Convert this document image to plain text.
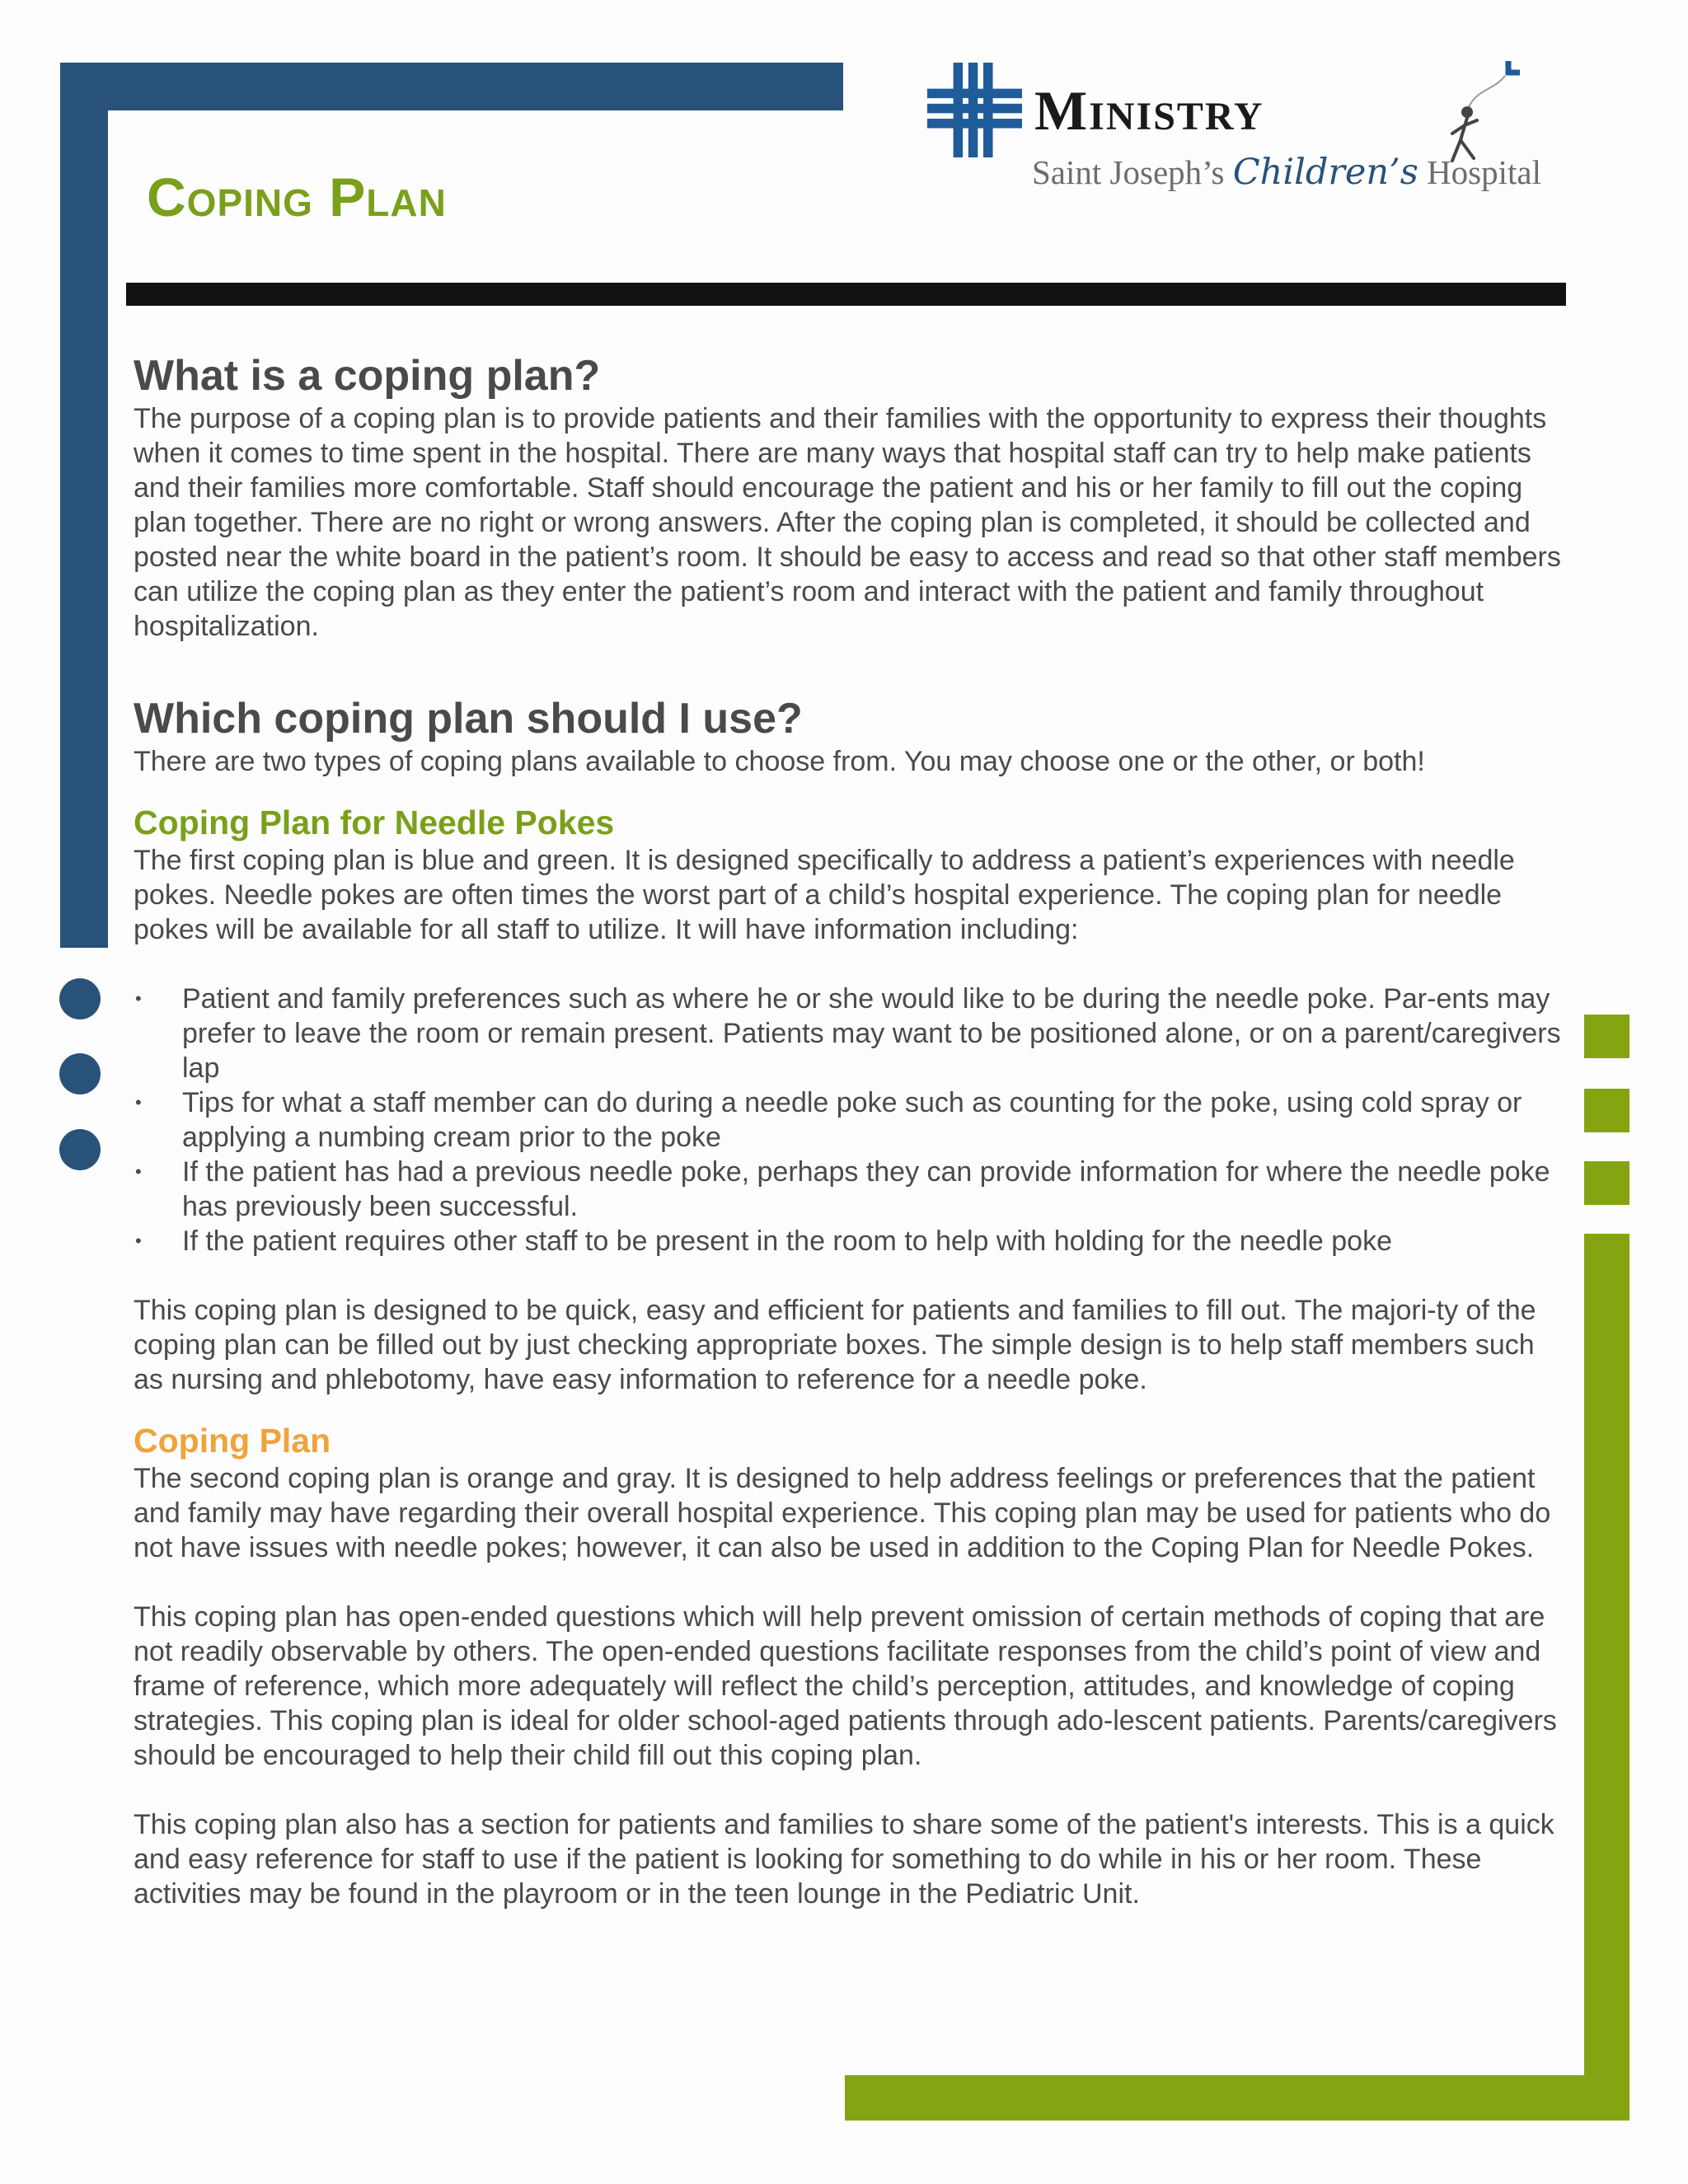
Coping Plan
Ministry
Saint Joseph’s Children’s Hospital
What is a coping plan?

The purpose of a coping plan is to provide patients and their families with the opportunity to express their thoughts when it comes to time spent in the hospital. There are many ways that hospital staff can try to help make patients and their families more comfortable. Staff should encourage the patient and his or her family to fill out the coping plan together. There are no right or wrong answers. After the coping plan is completed, it should be collected and posted near the white board in the patient’s room. It should be easy to access and read so that other staff members can utilize the coping plan as they enter the patient’s room and interact with the patient and family throughout hospitalization.

Which coping plan should I use?

There are two types of coping plans available to choose from. You may choose one or the other, or both!

Coping Plan for Needle Pokes

The first coping plan is blue and green. It is designed specifically to address a patient’s experiences with needle pokes. Needle pokes are often times the worst part of a child’s hospital experience. The coping plan for needle pokes will be available for all staff to utilize. It will have information including:

• Patient and family preferences such as where he or she would like to be during the needle poke. Par-ents may prefer to leave the room or remain present. Patients may want to be positioned alone, or on a parent/caregivers lap
• Tips for what a staff member can do during a needle poke such as counting for the poke, using cold spray or applying a numbing cream prior to the poke
• If the patient has had a previous needle poke, perhaps they can provide information for where the needle poke has previously been successful.
• If the patient requires other staff to be present in the room to help with holding for the needle poke

This coping plan is designed to be quick, easy and efficient for patients and families to fill out. The majori-ty of the coping plan can be filled out by just checking appropriate boxes. The simple design is to help staff members such as nursing and phlebotomy, have easy information to reference for a needle poke.

Coping Plan

The second coping plan is orange and gray. It is designed to help address feelings or preferences that the patient and family may have regarding their overall hospital experience. This coping plan may be used for patients who do not have issues with needle pokes; however, it can also be used in addition to the Coping Plan for Needle Pokes.

This coping plan has open-ended questions which will help prevent omission of certain methods of coping that are not readily observable by others. The open-ended questions facilitate responses from the child’s point of view and frame of reference, which more adequately will reflect the child’s perception, attitudes, and knowledge of coping strategies. This coping plan is ideal for older school-aged patients through ado-lescent patients. Parents/caregivers should be encouraged to help their child fill out this coping plan.

This coping plan also has a section for patients and families to share some of the patient's interests. This is a quick and easy reference for staff to use if the patient is looking for something to do while in his or her room. These activities may be found in the playroom or in the teen lounge in the Pediatric Unit.
